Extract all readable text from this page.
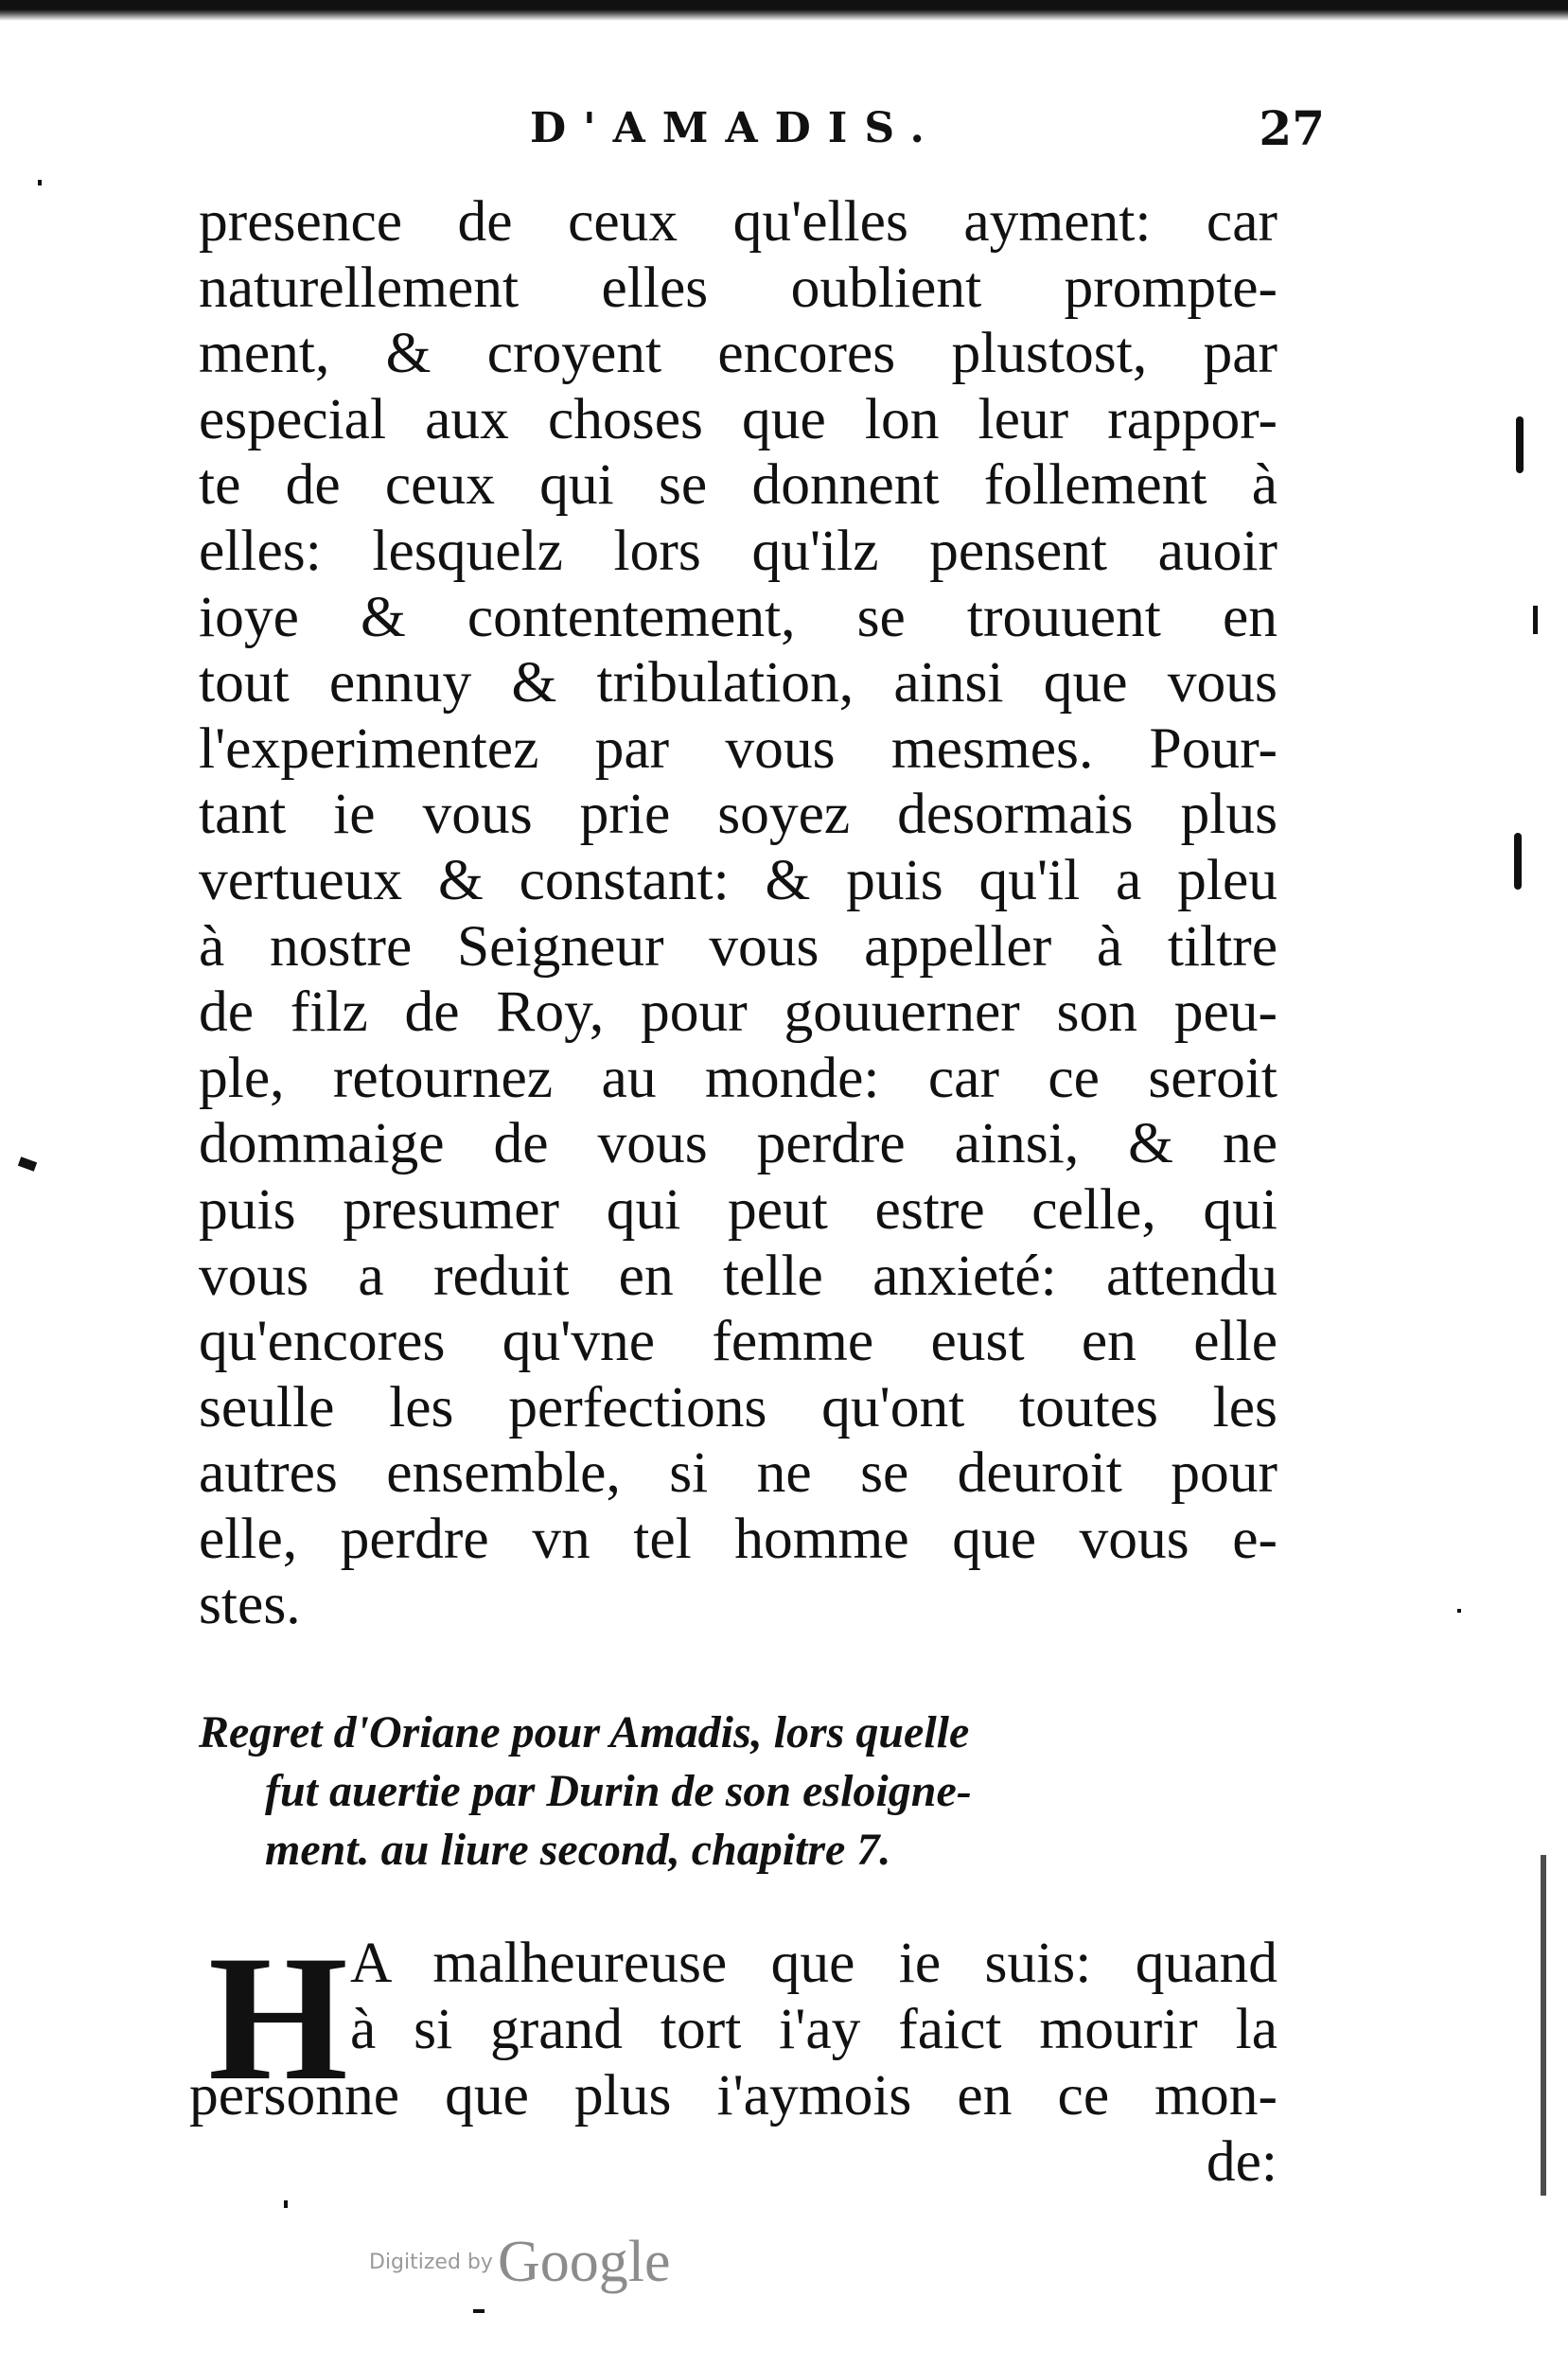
D'AMADIS.	27
presence de ceux qu'elles ayment: car
naturellement elles oublient prompte-
ment, & croyent encores plustost, par
especial aux choses que lon leur rappor-
te de ceux qui se donnent follement à
elles: lesquelz lors qu'ilz pensent auoir
ioye & contentement, se trouuent en
tout ennuy & tribulation, ainsi que vous
l'experimentez par vous mesmes. Pour-
tant ie vous prie soyez desormais plus
vertueux & constant: & puis qu'il a pleu
à nostre Seigneur vous appeller à tiltre
de filz de Roy, pour gouuerner son peu-
ple, retournez au monde: car ce seroit
dommaige de vous perdre ainsi, & ne
puis presumer qui peut estre celle, qui
vous a reduit en telle anxieté: attendu
qu'encores qu'vne femme eust en elle
seulle les perfections qu'ont toutes les
autres ensemble, si ne se deuroit pour
elle, perdre vn tel homme que vous e-
stes.
Regret d'Oriane pour Amadis, lors quelle
fut auertie par Durin de son esloigne-
ment. au liure second, chapitre 7.
H A malheureuse que ie suis: quand
à si grand tort i'ay faict mourir la
personne que plus i'aymois en ce mon-
de:
Digitized by Google
